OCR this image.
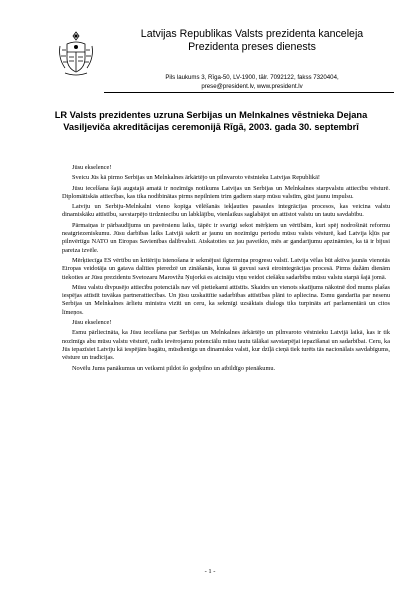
Latvijas Republikas Valsts prezidenta kanceleja
Prezidenta preses dienests
Pils laukums 3, Rīga-50, LV-1900, tālr. 7092122, fakss 7320404,
prese@president.lv, www.president.lv
LR Valsts prezidentes uzruna Serbijas un Melnkalnes vēstnieka Dejana Vasiljeviča akreditācijas ceremonijā Rīgā, 2003. gada 30. septembrī

Jūsu ekselence!

Sveicu Jūs kā pirmo Serbijas un Melnkalnes ārkārtējo un pilnvaroto vēstnieku Latvijas Republikā!

Jūsu iecelšana šajā augstajā amatā ir nozīmīgs notikums Latvijas un Serbijas un Melnkalnes starpvalstu attiecību vēsturē. Diplomātiskās attiecības, kas tika nodibinātas pirms nepilniem trim gadiem starp mūsu valstīm, gūst jaunu impulsu.

Latviju un Serbiju-Melnkalni vieno kopīga vēlēšanās iekļauties pasaules integrācijas procesos, kas veicina valstu dinamiskāku attīstību, savstarpējo tirdzniecību un labklājību, vienlaikus saglabājot un attīstot valstu un tautu savdabību.

Pārmaiņas ir pārbaudījums un pavērsienu laiks, tāpēc ir svarīgi sekot mērķiem un vērtībām, kuri spēj nodrošināt reformu neatgriezeniskumu. Jūsu darbības laiks Latvijā sakrīt ar jaunu un nozīmīgu periodu mūsu valsts vēsturē, kad Latvija kļūs par pilnvērtīgu NATO un Eiropas Savienības dalībvalsti. Atskatoties uz jau paveikto, mēs ar gandarījumu apzināmies, ka tā ir bijusi pareiza izvēle.

Mērķtiecīga ES vērtību un kritēriju īstenošana ir sekmējusi ilgtermiņa progresu valstī. Latvija vēlas būt aktīva jaunās vienotās Eiropas veidotāja un gatava dalīties pieredzē un zināšanās, kuras tā guvusi savā eirointegrācijas procesā. Pirms dažām dienām tiekoties ar Jūsu prezidentu Svetozaru Marovižu Ņujorkā es aicināju viņu veidot ciešāku sadarbību mūsu valstu starpā šajā jomā.

Mūsu valstu divpusējo attiecību potenciāls nav vēl pietiekami attīstīts. Skaidrs un vienots skatījums nākotnē dod mums plašas iespējas attīstīt tuvākas partnerattiecības. Un jūsu uzskaitītie sadarbības attīstības plāni to apliecina. Esmu gandarīta par nesenu Serbijas un Melnkalnes ārlietu ministra vizīti un ceru, ka sekmīgi uzsāktais dialogs tiks turpināts arī parlamentārā un citos līmeņos.

Jūsu ekselence!

Esmu pārliecināta, ka Jūsu iecelšana par Serbijas un Melnkalnes ārkārtējo un pilnvaroto vēstnieku Latvijā laikā, kas ir tik nozīmīgs abu mūsu valstu vēsturē, radīs ievērojamu potenciālu mūsu tautu tālākai savstarpējai iepazīšanai un sadarbībai. Ceru, ka Jūs iepazīsiet Latviju kā iespējām bagātu, mūsdienīgu un dinamisku valsti, kur dzīļā cieņā tiek turēts tās nacionālais savdabīgums, vēsture un tradīcijas.

Novēlu Jums panākumus un veiksmi pildot šo godpilno un atbildīgo pienākumu.

- 1 -
